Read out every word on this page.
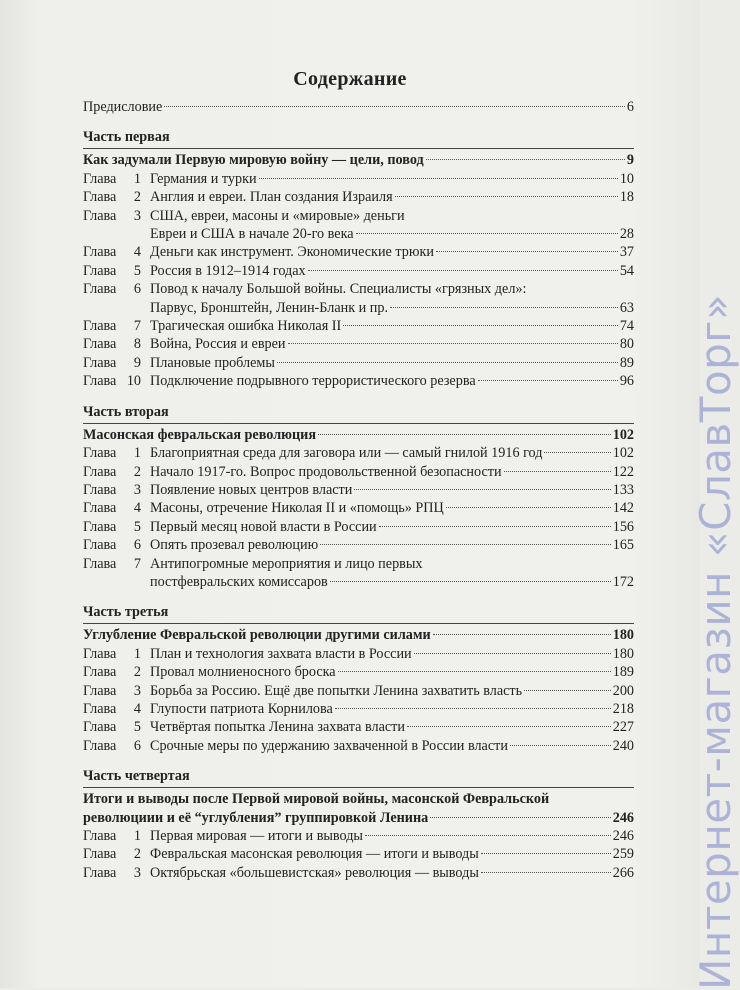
Содержание
Предисловие	6
Часть первая
Как задумали Первую мировую войну — цели, повод	9
Глава	1 Германия и турки	10
Глава	2 Англия и евреи. План создания Израиля	18
Глава	3 США, евреи, масоны и «мировые» деньги
Евреи и США в начале 20-го века	28
Глава	4 Деньги как инструмент. Экономические трюки	37
Глава	5 Россия в 1912–1914 годах	54
Глава	6 Повод к началу Большой войны. Специалисты «грязных дел»:
Парвус, Бронштейн, Ленин-Бланк и пр.	63
Глава	7 Трагическая ошибка Николая II	74
Глава	8 Война, Россия и евреи	80
Глава	9 Плановые проблемы	89
Глава 10 Подключение подрывного террористического резерва	96
Часть вторая
Масонская февральская революция	102
Глава	1 Благоприятная среда для заговора или — самый гнилой 1916 год	102
Глава	2 Начало 1917-го. Вопрос продовольственной безопасности	122
Глава	3 Появление новых центров власти	133
Глава	4 Масоны, отречение Николая II и «помощь» РПЦ	142
Глава	5 Первый месяц новой власти в России	156
Глава	6 Опять прозевал революцию	165
Глава	7 Антипогромные мероприятия и лицо первых
постфевральских комиссаров	172
Часть третья
Углубление Февральской революции другими силами	180
Глава	1 План и технология захвата власти в России	180
Глава	2 Провал молниеносного броска	189
Глава	3 Борьба за Россию. Ещё две попытки Ленина захватить власть	200
Глава	4 Глупости патриота Корнилова	218
Глава	5 Четвёртая попытка Ленина захвата власти	227
Глава	6 Срочные меры по удержанию захваченной в России власти	240
Часть четвертая
Итоги и выводы после Первой мировой войны, масонской Февральской
революциии и её “углубления” группировкой Ленина	246
Глава	1 Первая мировая — итоги и выводы	246
Глава	2 Февральская масонская революция — итоги и выводы	259
Глава	3 Октябрьская «большевистская» революция — выводы	266 Интернет-магазин «СлавТорг»
